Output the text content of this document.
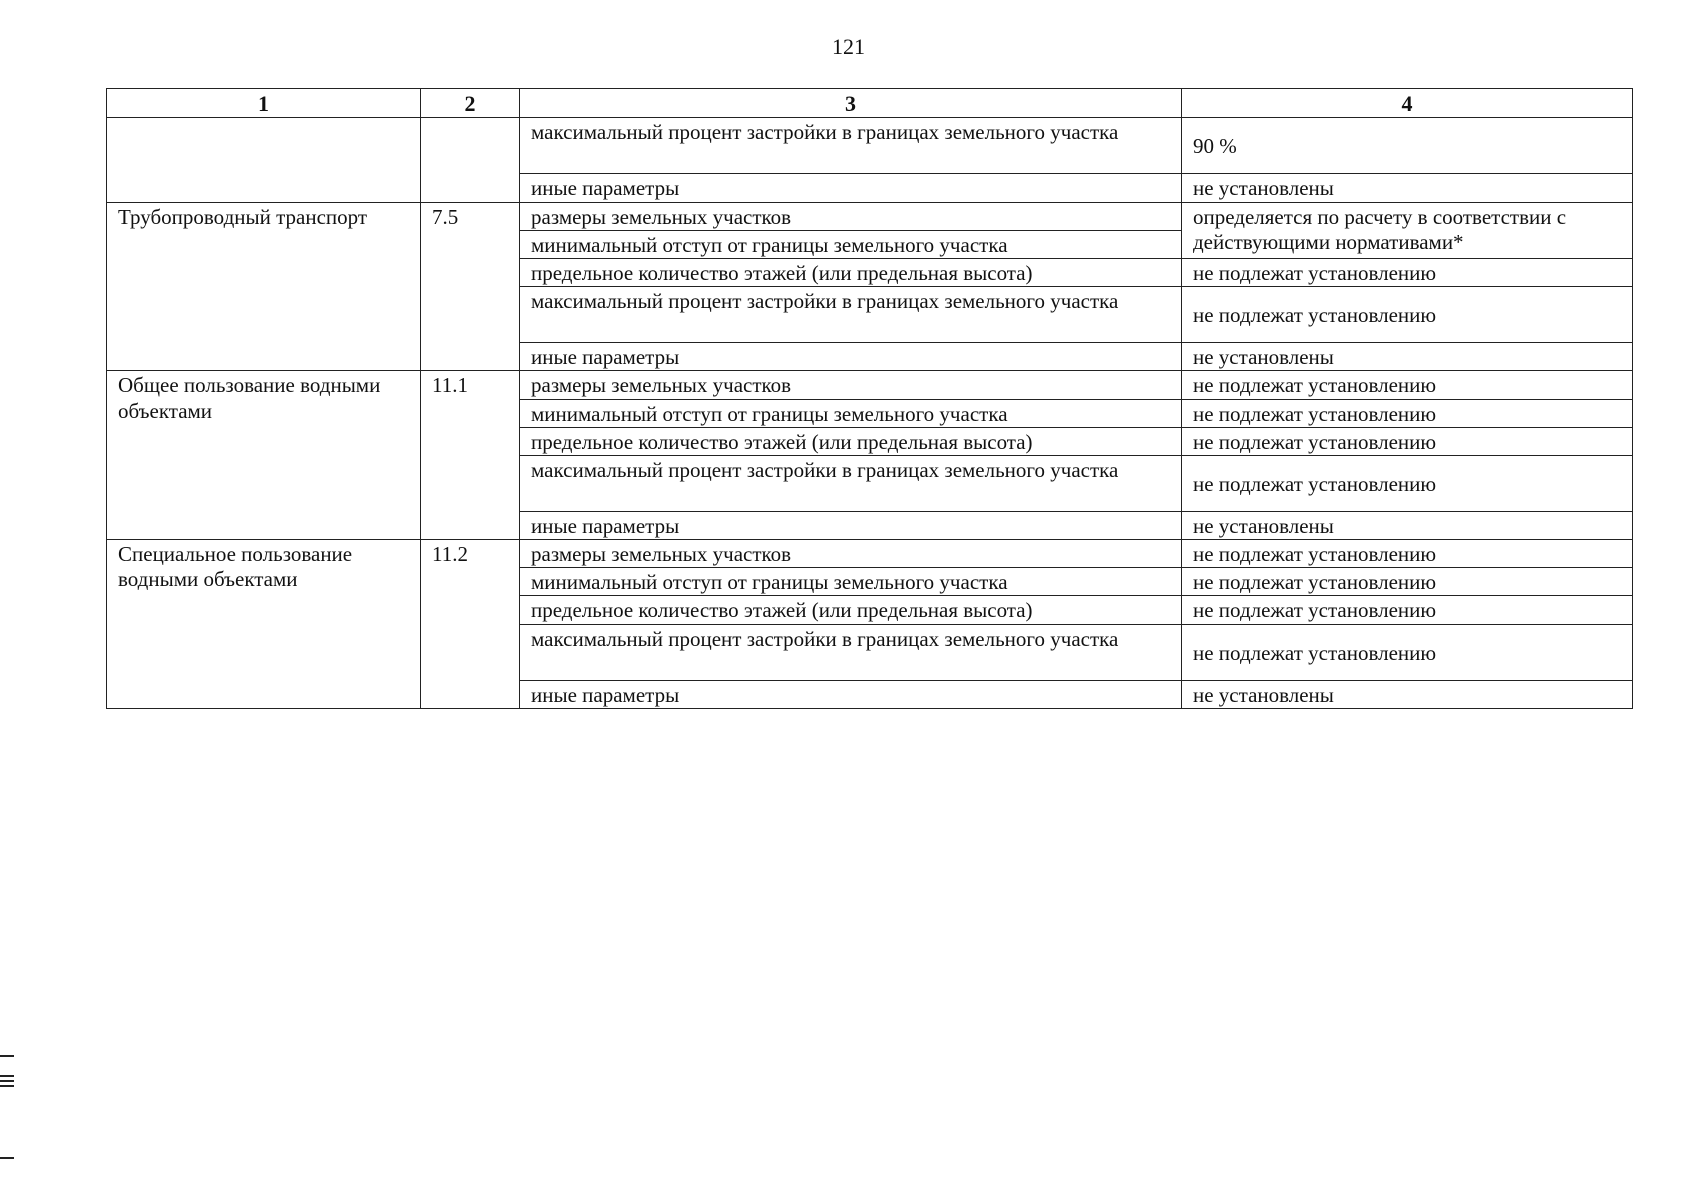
121
1	2	3	4
		максимальный процент застройки в границах земельного участка	90 %
		иные параметры	не установлены
Трубопроводный транспорт	7.5	размеры земельных участков	определяется по расчету в соответствии с действующими нормативами*
		минимальный отступ от границы земельного участка	
		предельное количество этажей (или предельная высота)	не подлежат установлению
		максимальный процент застройки в границах земельного участка	не подлежат установлению
		иные параметры	не установлены
Общее пользование водными объектами	11.1	размеры земельных участков	не подлежат установлению
		минимальный отступ от границы земельного участка	не подлежат установлению
		предельное количество этажей (или предельная высота)	не подлежат установлению
		максимальный процент застройки в границах земельного участка	не подлежат установлению
		иные параметры	не установлены
Специальное пользование водными объектами	11.2	размеры земельных участков	не подлежат установлению
		минимальный отступ от границы земельного участка	не подлежат установлению
		предельное количество этажей (или предельная высота)	не подлежат установлению
		максимальный процент застройки в границах земельного участка	не подлежат установлению
		иные параметры	не установлены
